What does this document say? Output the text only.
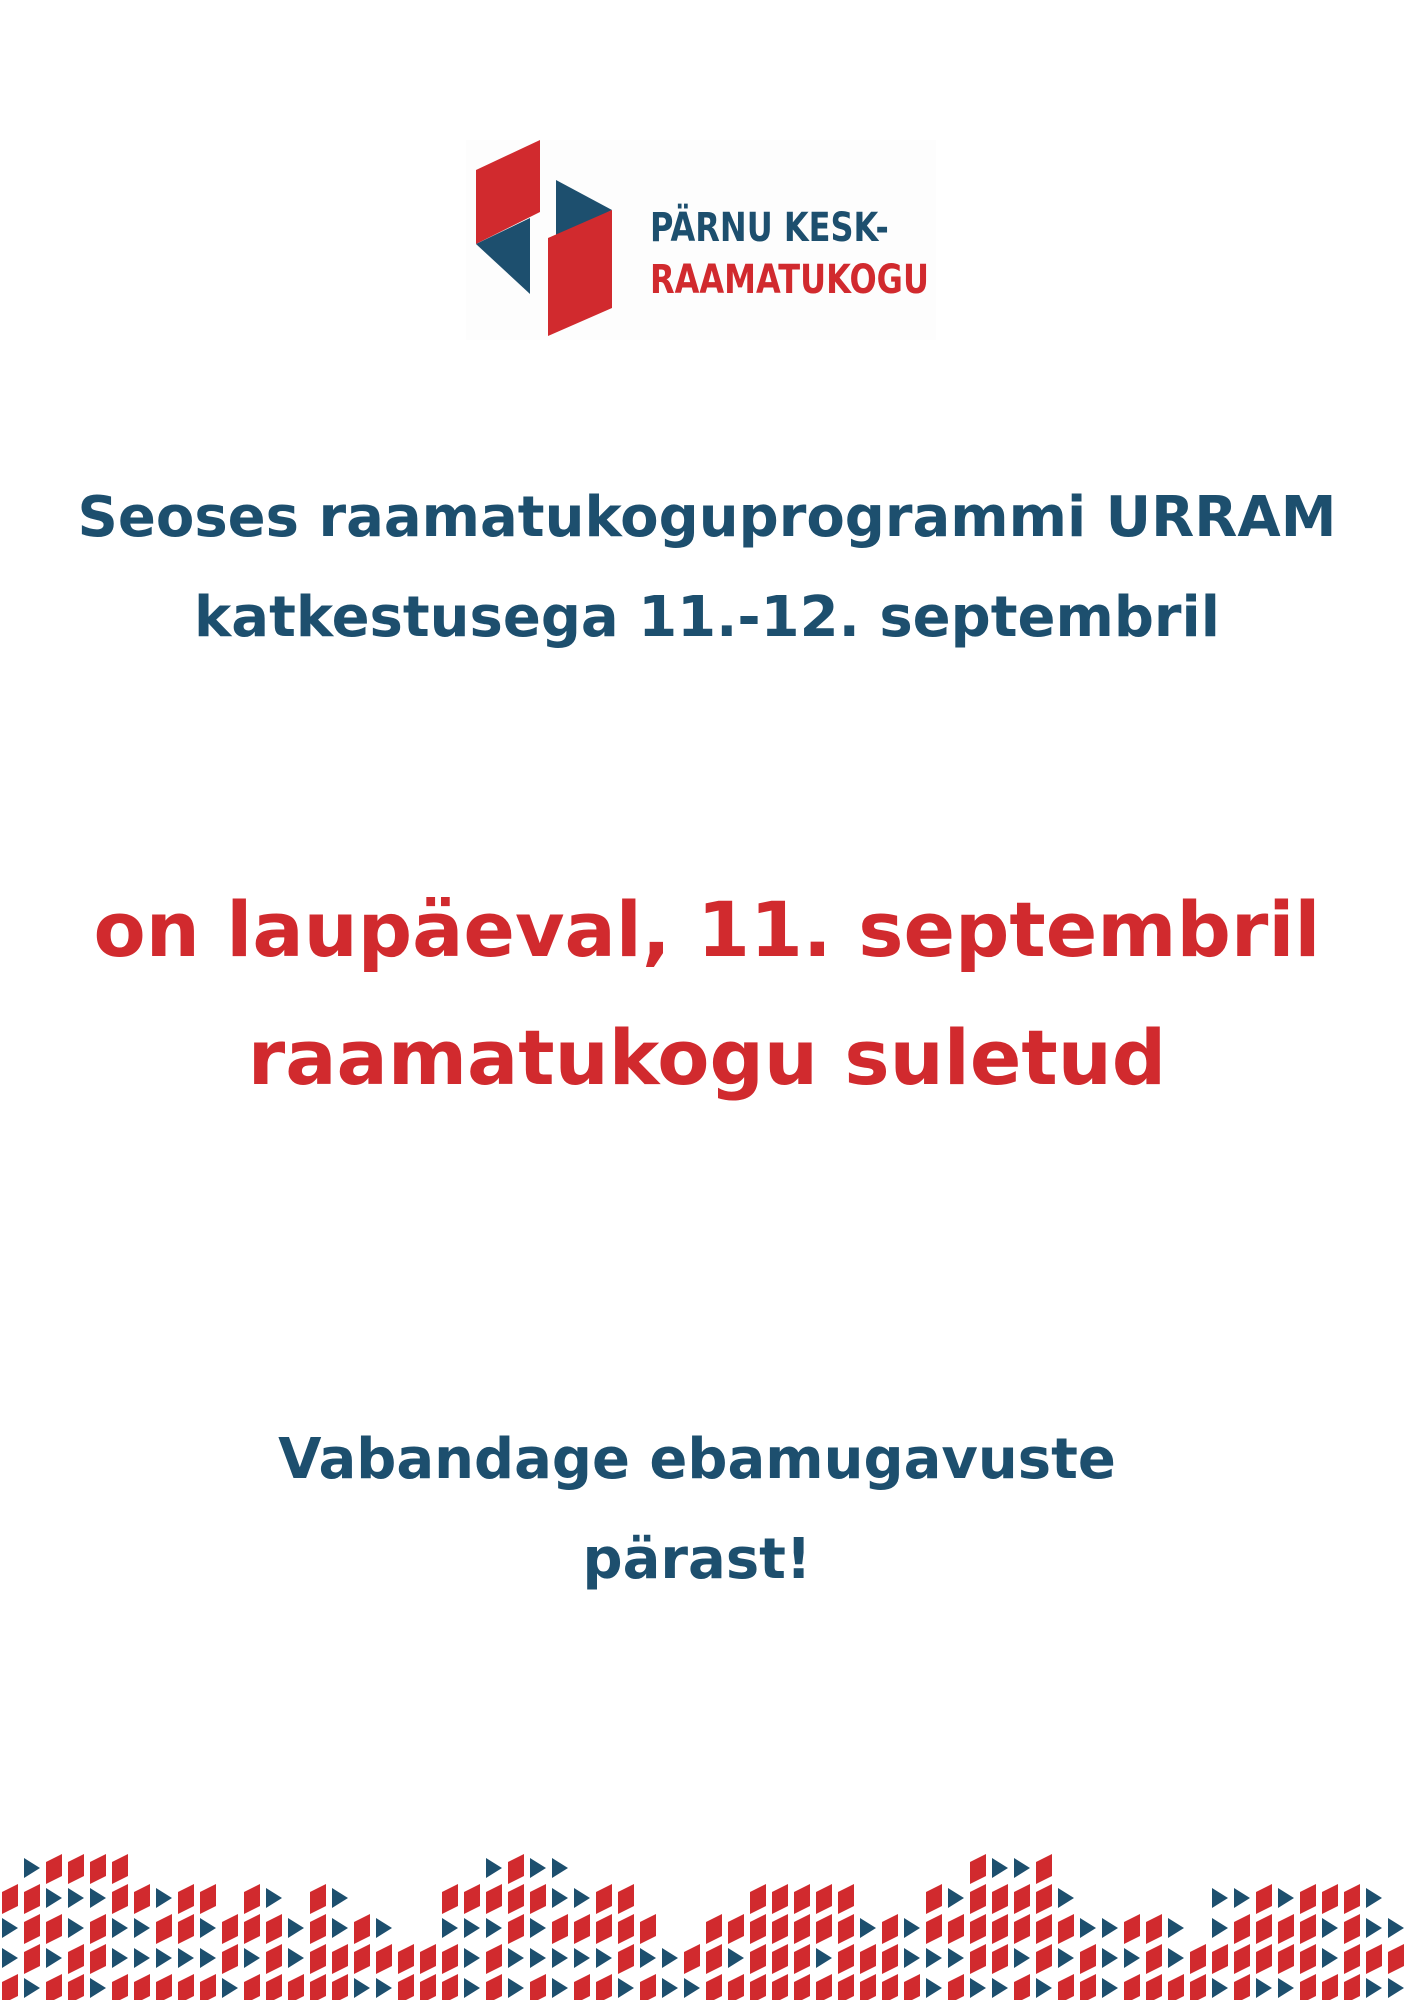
PÄRNU KESK-
RAAMATUKOGU

Seoses raamatukoguprogrammi URRAM
katkestusega 11.-12. septembril

on laupäeval, 11. septembril
raamatukogu suletud

Vabandage ebamugavuste
pärast!
